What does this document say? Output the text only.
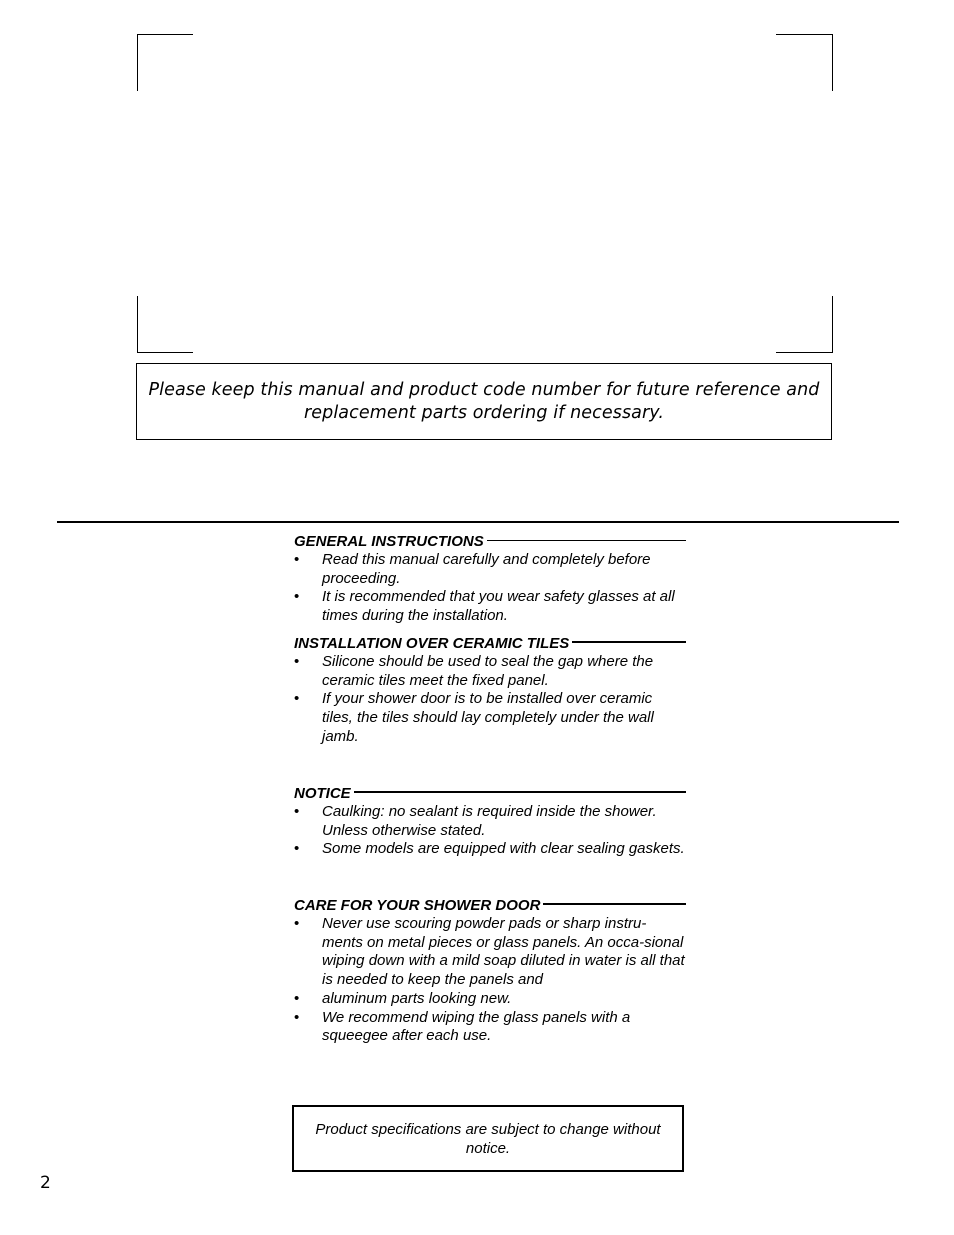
Please keep this manual and product code number for future reference and replacement parts ordering if necessary.

GENERAL INSTRUCTIONS
• Read this manual carefully and completely before proceeding.
• It is recommended that you wear safety glasses at all times during the installation.
INSTALLATION OVER CERAMIC TILES
• Silicone should be used to seal the gap where the ceramic tiles meet the fixed panel.
• If your shower door is to be installed over ceramic tiles, the tiles should lay completely under the wall jamb.
NOTICE
• Caulking: no sealant is required inside the shower. Unless otherwise stated.
• Some models are equipped with clear sealing gaskets.
CARE FOR YOUR SHOWER DOOR
• Never use scouring powder pads or sharp instru-ments on metal pieces or glass panels. An occa-sional wiping down with a mild soap diluted in water is all that is needed to keep the panels and
• aluminum parts looking new.
• We recommend wiping the glass panels with a squeegee after each use.

Product specifications are subject to change without notice.

2
